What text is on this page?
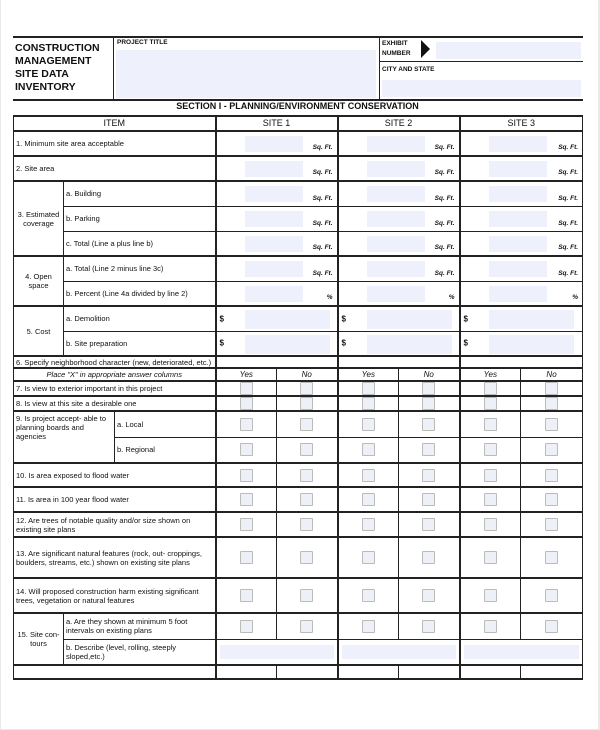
CONSTRUCTION
MANAGEMENT
SITE DATA
INVENTORY
PROJECT TITLE	EXHIBIT
NUMBER
CITY AND STATE
SECTION I - PLANNING/ENVIRONMENT CONSERVATION
ITEM			SITE 1		SITE 2		SITE 3	
1. Minimum site area acceptable			Sq. Ft.		Sq. Ft.		Sq. Ft.	

2. Site area			Sq. Ft.		Sq. Ft.		Sq. Ft.	

3. Estimated coverage	a. Building		Sq. Ft.		Sq. Ft.		Sq. Ft.	

	b. Parking		Sq. Ft.		Sq. Ft.		Sq. Ft.	

	c. Total (Line a plus line b)		Sq. Ft.		Sq. Ft.		Sq. Ft.	

4. Open space	a. Total (Line 2 minus line 3c)		Sq. Ft.		Sq. Ft.		Sq. Ft.	

	b. Percent (Line 4a divided by line 2)		%		%		%	

5. Cost	a. Demolition		$		$		$	

	b. Site preparation		$		$		$	

6. Specify neighborhood character (new, deteriorated, etc.)								
Place "X" in appropriate answer columns			Yes	No	Yes	No	Yes	No
7. Is view to exterior important in this project			

8. Is view at this site a desirable one			

9. Is project accept- able to planning boards and agencies		a. Local	

		b. Regional	

10. Is area exposed to flood water			

11. Is area in 100 year flood water			

12. Are trees of notable quality and/or size shown on existing site plans			

13. Are significant natural features (rock, out- croppings, boulders, streams, etc.) shown on existing site plans			

14. Will proposed construction harm existing significant trees, vegetation or natural features			

15. Site con- tours	a. Are they shown at minimum 5 foot intervals on existing plans		

	b. Describe (level, rolling, steeply sloped,etc.)					
